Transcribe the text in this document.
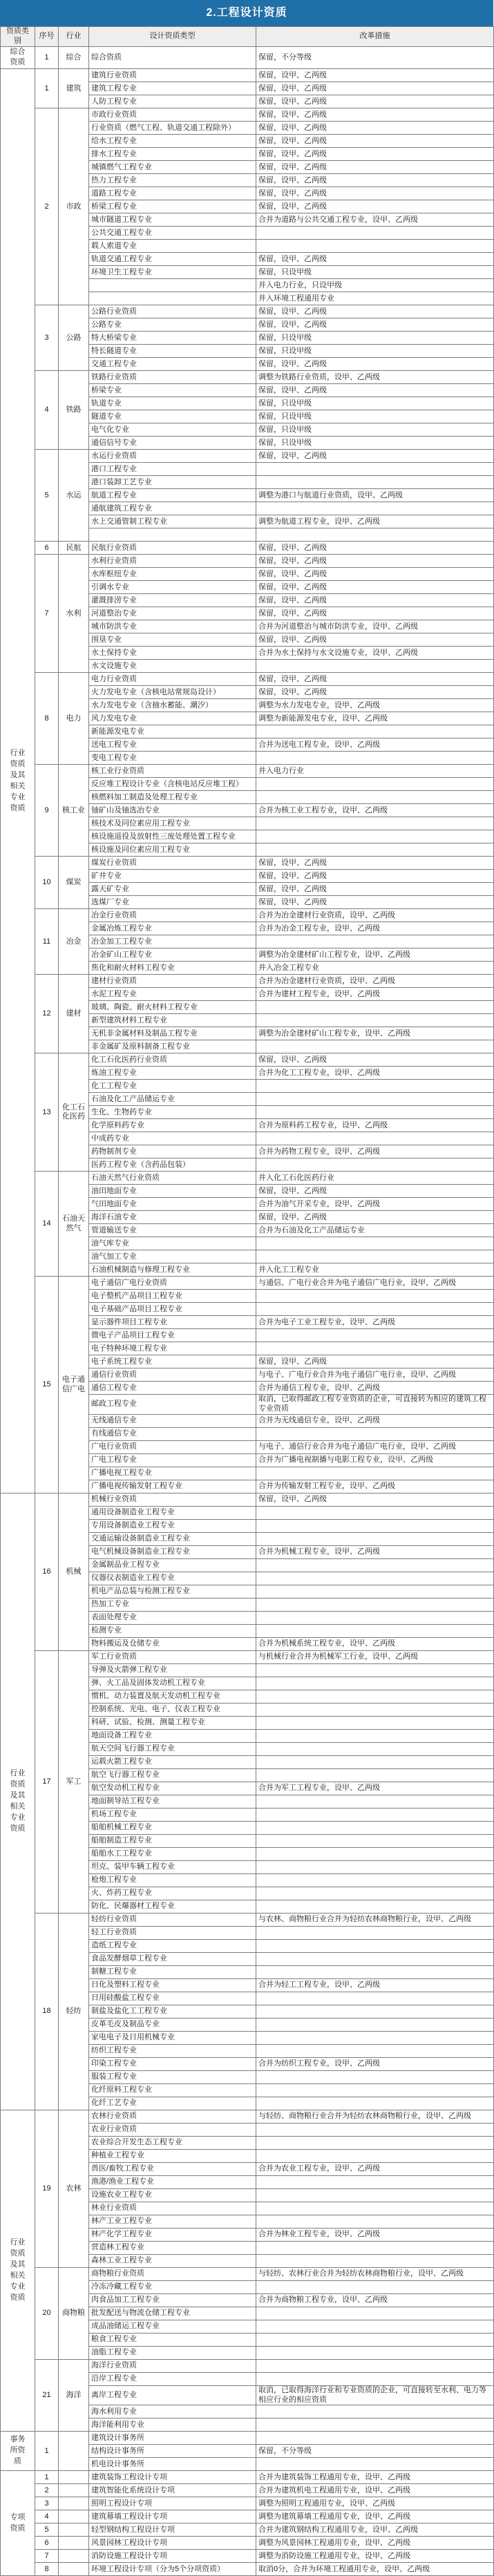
2.工程设计资质
资质类别	序号	行业	设计资质类型	改革措施
综合资质	1	综合	综合资质	保留，不分等级
行业资质及其相关专业资质	1	建筑	建筑行业资质	保留，设甲、乙两级
			建筑工程专业	保留，设甲、乙两级
			人防工程专业	保留，设甲、乙两级
	2	市政	市政行业资质	保留，设甲、乙两级
			行业资质（燃气工程、轨道交通工程除外）	保留，设甲、乙两级
			给水工程专业	保留，设甲、乙两级
			排水工程专业	保留，设甲、乙两级
			城镇燃气工程专业	保留，设甲、乙两级
			热力工程专业	保留，设甲、乙两级
			道路工程专业	保留，设甲、乙两级
			桥梁工程专业	保留，设甲、乙两级
			城市隧道工程专业	合并为道路与公共交通工程专业，设甲、乙两级
			公共交通工程专业	
			载人索道专业	
			轨道交通工程专业	保留，设甲、乙两级
			环境卫生工程专业	保留，只设甲级
				并入电力行业，只设甲级
				并入环境工程通用专业
	3	公路	公路行业资质	保留，设甲、乙两级
			公路专业	保留，设甲、乙两级
			特大桥梁专业	保留，只设甲级
			特长隧道专业	保留，只设甲级
			交通工程专业	保留，设甲、乙两级
	4	铁路	铁路行业资质	调整为铁路行业资质，设甲、乙两级
			桥梁专业	保留，设甲、乙两级
			轨道专业	保留，只设甲级
			隧道专业	保留，只设甲级
			电气化专业	保留，只设甲级
			通信信号专业	保留，只设甲级
	5	水运	水运行业资质	保留，设甲、乙两级
			港口工程专业	
			港口装卸工艺专业	
			航道工程专业	调整为港口与航道行业资质，设甲、乙两级
			通航建筑工程专业	
			水上交通管制工程专业	调整为航道工程专业，设甲、乙两级

	6	民航	民航行业资质	保留，设甲、乙两级
	7	水利	水利行业资质	保留，设甲、乙两级
			水库枢纽专业	保留，设甲、乙两级
			引调水专业	保留，设甲、乙两级
			灌溉排涝专业	保留，设甲、乙两级
			河道整治专业	保留，设甲、乙两级
			城市防洪专业	合并为河道整治与城市防洪专业，设甲、乙两级
			围垦专业	保留，设甲、乙两级
			水土保持专业	合并为水土保持与水文设施专业，设甲、乙两级
			水文设施专业	
	8	电力	电力行业资质	保留，设甲、乙两级
			火力发电专业（含核电站常规岛设计）	保留，设甲、乙两级
			水力发电专业（含抽水蓄能、潮汐）	调整为水力发电专业，设甲、乙两级
			风力发电专业	调整为新能源发电专业，设甲、乙两级
			新能源发电专业	
			送电工程专业	合并为送电工程专业，设甲、乙两级
			变电工程专业	
	9	核工业	核工业行业资质	并入电力行业
			反应堆工程设计专业（含核电站反应堆工程）	
			核燃料加工制造及处理工程专业	
			铀矿山及铀选冶专业	合并为核工业工程专业，设甲、乙两级
			核技术及同位素应用工程专业	
			核设施退役及放射性三废处理处置工程专业	
			核设施及同位素应用工程专业	
	10	煤炭	煤炭行业资质	保留，设甲、乙两级
			矿井专业	保留，设甲、乙两级
			露天矿专业	保留，设甲、乙两级
			选煤厂专业	保留，设甲、乙两级
	11	冶金	冶金行业资质	合并为冶金建材行业资质，设甲、乙两级
			金属冶炼工程专业	合并为冶金工程专业，设甲、乙两级
			冶金加工工程专业	
			冶金矿山工程专业	调整为冶金建材矿山工程专业，设甲、乙两级
			焦化和耐火材料工程专业	并入冶金工程专业
	12	建材	建材行业资质	合并为冶金建材行业资质，设甲、乙两级
			水泥工程专业	合并为建材工程专业，设甲、乙两级
			玻璃、陶瓷、耐火材料工程专业	
			新型建筑材料工程专业	
			无机非金属材料及制品工程专业	调整为冶金建材矿山工程专业，设甲、乙两级
			非金属矿及原料制备工程专业	
	13	化工石化医药	化工石化医药行业资质	保留，设甲、乙两级
			炼油工程专业	合并为化工工程专业，设甲、乙两级
			化工工程专业	
			石油及化工产品储运专业	
			生化、生物药专业	
			化学原料药专业	合并为原料药工程专业，设甲、乙两级
			中成药专业	
			药物制剂专业	合并为药物工程专业，设甲、乙两级
			医药工程专业（含药品包装）	
	14	石油天然气	石油天然气行业资质	并入化工石化医药行业
			油田地面专业	保留，设甲、乙两级
			气田地面专业	合并为油气开采专业，设甲、乙两级
			海洋石油专业	保留，设甲、乙两级
			管道输送专业	合并为石油及化工产品储运专业
			油气库专业	
			油气加工专业	
			石油机械制造与修理工程专业	并入化工工程专业
	15	电子通信广电	电子通信广电行业资质	与通信、广电行业合并为电子通信广电行业，设甲、乙两级
			电子整机产品项目工程专业	
			电子基础产品项目工程专业	
			显示器件项目工程专业	合并为电子工业工程专业，设甲、乙两级
			微电子产品项目工程专业	
			电子特种环境工程专业	
			电子系统工程专业	保留，设甲、乙两级
			通信行业资质	与电子、广电行业合并为电子通信广电行业，设甲、乙两级
			通信工程专业	合并为通信工程专业，设甲、乙两级
			邮政工程专业	取消，已取得邮政工程专业资质的企业，可直接转为相应的建筑工程专业资质
			无线通信专业	合并为无线通信专业，设甲、乙两级
			有线通信专业	
			广电行业资质	与电子、通信行业合并为电子通信广电行业，设甲、乙两级
			广电工程专业	合并为广播电视制播与电影工程专业，设甲、乙两级
			广播电视工程专业	
			广播电视传输发射工程专业	合并为传输发射工程专业，设甲、乙两级
行业资质及其相关专业资质	16	机械	机械行业资质	保留，设甲、乙两级
			通用设备制造业工程专业	
			专用设备制造业工程专业	
			交通运输设备制造业工程专业	
			电气机械设备制造业工程专业	合并为机械工程专业，设甲、乙两级
			金属制品业工程专业	
			仪器仪表制造业工程专业	
			机电产品总装与检测工程专业	
			热加工专业	
			表面处理专业	
			检测专业	
			物料搬运及仓储专业	合并为机械系统工程专业，设甲、乙两级
	17	军工	军工行业资质	与机械行业合并为机械军工行业，设甲、乙两级
			导弹及火箭弹工程专业	
			弹、火工品及固体发动机工程专业	
			惯机、动力装置及航天发动机工程专业	
			控制系统、光电、电子、仪表工程专业	
			科研、试验、检测、测量工程专业	
			地面设备工程专业	
			航天空间飞行器工程专业	
			运载火箭工程专业	
			航空飞行器工程专业	
			航空发动机工程专业	合并为军工工程专业，设甲、乙两级
			地面制导站工程专业	
			机场工程专业	
			船舶机械工程专业	
			船舶制造工程专业	
			船舶水工工程专业	
			坦克、装甲车辆工程专业	
			枪炮工程专业	
			火、炸药工程专业	
			防化、民爆器材工程专业	
	18	轻纺	轻纺行业资质	与农林、商物粮行业合并为轻纺农林商物粮行业，设甲、乙两级
			轻工行业资质	
			造纸工程专业	
			食品发酵烟草工程专业	
			制糖工程专业	
			日化及塑料工程专业	合并为轻工工程专业，设甲、乙两级
			日用硅酸盐工程专业	
			制盐及盐化工工程专业	
			皮革毛皮及制品专业	
			家电电子及日用机械专业	
			纺织工程专业	
			印染工程专业	合并为纺织工程专业，设甲、乙两级
			服装工程专业	
			化纤原料工程专业	
			化纤工艺专业	
行业资质及其相关专业资质	19	农林	农林行业资质	与轻纺、商物粮行业合并为轻纺农林商物粮行业，设甲、乙两级
			农业行业资质	
			农业综合开发生态工程专业	
			种植业工程专业	
			兽医/畜牧工程专业	合并为农业工程专业，设甲、乙两级
			渔港/渔业工程专业	
			设施农业工程专业	
			林业行业资质	
			林产工业工程专业	
			林产化学工程专业	合并为林业工程专业，设甲、乙两级
			营造林工程专业	
			森林工业工程专业	
	20	商物粮	商物粮行业资质	与轻纺、农林行业合并为轻纺农林商物粮行业，设甲、乙两级
			冷冻冷藏工程专业	
			肉食品加工工程专业	合并为商物粮工程专业，设甲、乙两级
			批发配送与物流仓储工程专业	
			成品油储运工程专业	
			粮食工程专业	
			油脂工程专业	
	21	海洋	海洋行业资质	
			沿岸工程专业	
			离岸工程专业	取消，已取得海洋行业和专业资质的企业，可直接转至水利、电力等相应行业的相应资质
			海水利用专业	
			海洋能利用专业	
事务所资质	1		建筑设计事务所	
			结构设计事务所	保留，不分等级
			机电设计事务所	
专项资质	1		建筑装饰工程设计专项	合并为建筑装饰工程通用专业，设甲、乙两级
	2		建筑智能化系统设计专项	合并为建筑机电工程通用专业，设甲、乙两级
	3		照明工程设计专项	调整为照明工程通用专业，设甲、乙两级
	4		建筑幕墙工程设计专项	调整为建筑幕墙工程通用专业，设甲、乙两级
	5		轻型钢结构工程设计专项	合并为建筑钢结构工程通用专业，设甲、乙两级
	6		风景园林工程设计专项	调整为风景园林工程通用专业，设甲、乙两级
	7		消防设施工程设计专项	调整为消防设施工程通用专业，设甲、乙两级
	8		环境工程设计专项（分为5个分项资质）	取消0分，合并为环境工程通用专业，设甲、乙两级
